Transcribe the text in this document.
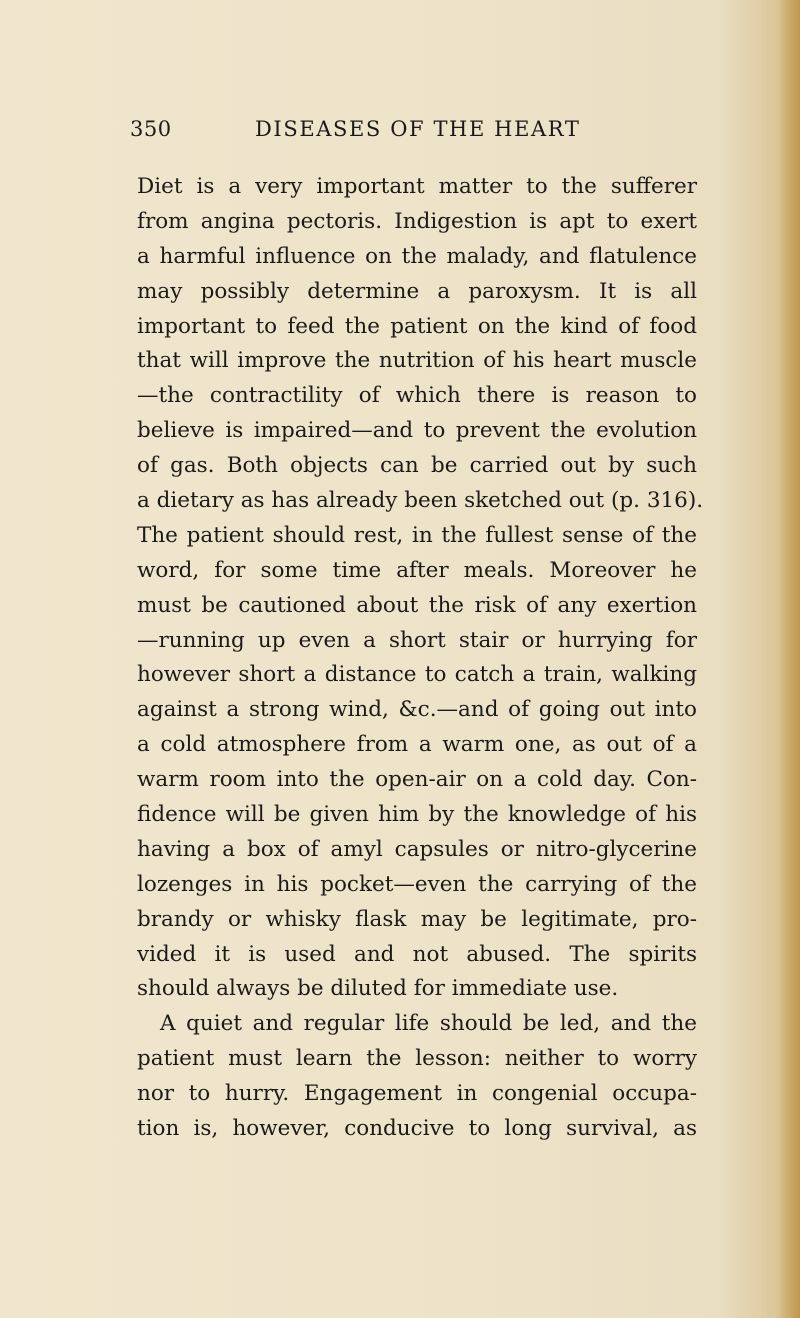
350	DISEASES OF THE HEART
Diet is a very important matter to the sufferer
from angina pectoris. Indigestion is apt to exert
a harmful influence on the malady, and flatulence
may possibly determine a paroxysm. It is all
important to feed the patient on the kind of food
that will improve the nutrition of his heart muscle
—the contractility of which there is reason to
believe is impaired—and to prevent the evolution
of gas. Both objects can be carried out by such
a dietary as has already been sketched out (p. 316).
The patient should rest, in the fullest sense of the
word, for some time after meals. Moreover he
must be cautioned about the risk of any exertion
—running up even a short stair or hurrying for
however short a distance to catch a train, walking
against a strong wind, &c.—and of going out into
a cold atmosphere from a warm one, as out of a
warm room into the open-air on a cold day. Con-
fidence will be given him by the knowledge of his
having a box of amyl capsules or nitro-glycerine
lozenges in his pocket—even the carrying of the
brandy or whisky flask may be legitimate, pro-
vided it is used and not abused. The spirits
should always be diluted for immediate use.
A quiet and regular life should be led, and the
patient must learn the lesson: neither to worry
nor to hurry. Engagement in congenial occupa-
tion is, however, conducive to long survival, as
